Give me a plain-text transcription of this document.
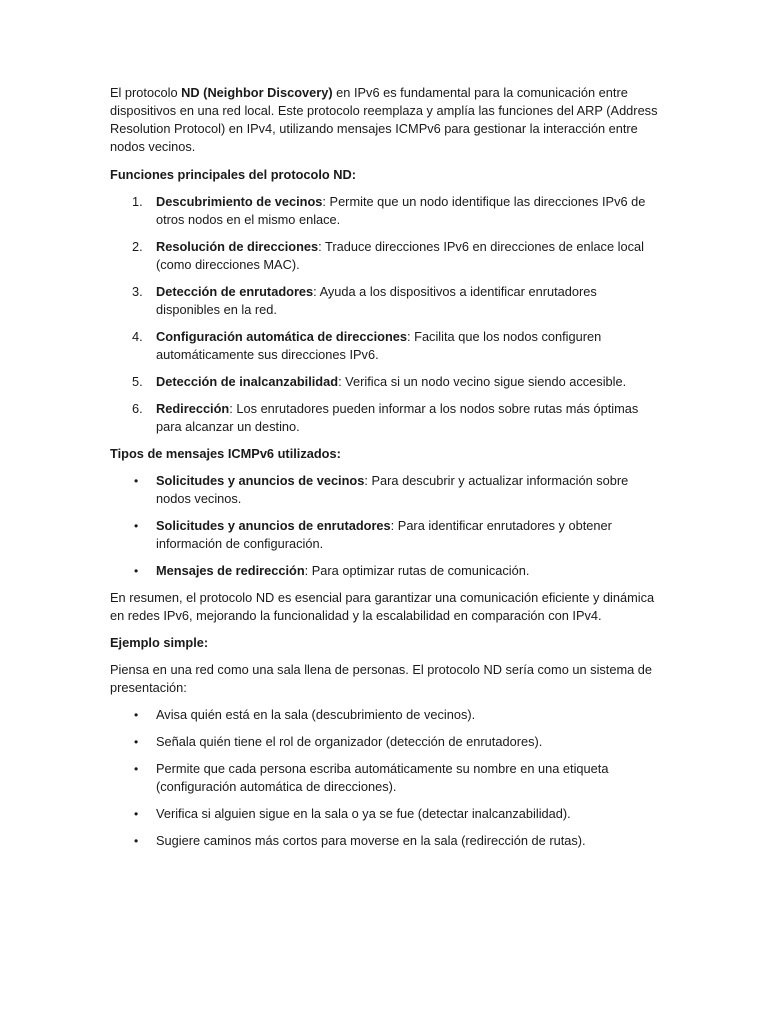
El protocolo ND (Neighbor Discovery) en IPv6 es fundamental para la comunicación entre dispositivos en una red local. Este protocolo reemplaza y amplía las funciones del ARP (Address Resolution Protocol) en IPv4, utilizando mensajes ICMPv6 para gestionar la interacción entre nodos vecinos.

Funciones principales del protocolo ND:

1. Descubrimiento de vecinos: Permite que un nodo identifique las direcciones IPv6 de otros nodos en el mismo enlace.
2. Resolución de direcciones: Traduce direcciones IPv6 en direcciones de enlace local (como direcciones MAC).
3. Detección de enrutadores: Ayuda a los dispositivos a identificar enrutadores disponibles en la red.
4. Configuración automática de direcciones: Facilita que los nodos configuren automáticamente sus direcciones IPv6.
5. Detección de inalcanzabilidad: Verifica si un nodo vecino sigue siendo accesible.
6. Redirección: Los enrutadores pueden informar a los nodos sobre rutas más óptimas para alcanzar un destino.

Tipos de mensajes ICMPv6 utilizados:

• Solicitudes y anuncios de vecinos: Para descubrir y actualizar información sobre nodos vecinos.
• Solicitudes y anuncios de enrutadores: Para identificar enrutadores y obtener información de configuración.
• Mensajes de redirección: Para optimizar rutas de comunicación.

En resumen, el protocolo ND es esencial para garantizar una comunicación eficiente y dinámica en redes IPv6, mejorando la funcionalidad y la escalabilidad en comparación con IPv4.

Ejemplo simple:

Piensa en una red como una sala llena de personas. El protocolo ND sería como un sistema de presentación:

• Avisa quién está en la sala (descubrimiento de vecinos).
• Señala quién tiene el rol de organizador (detección de enrutadores).
• Permite que cada persona escriba automáticamente su nombre en una etiqueta (configuración automática de direcciones).
• Verifica si alguien sigue en la sala o ya se fue (detectar inalcanzabilidad).
• Sugiere caminos más cortos para moverse en la sala (redirección de rutas).
